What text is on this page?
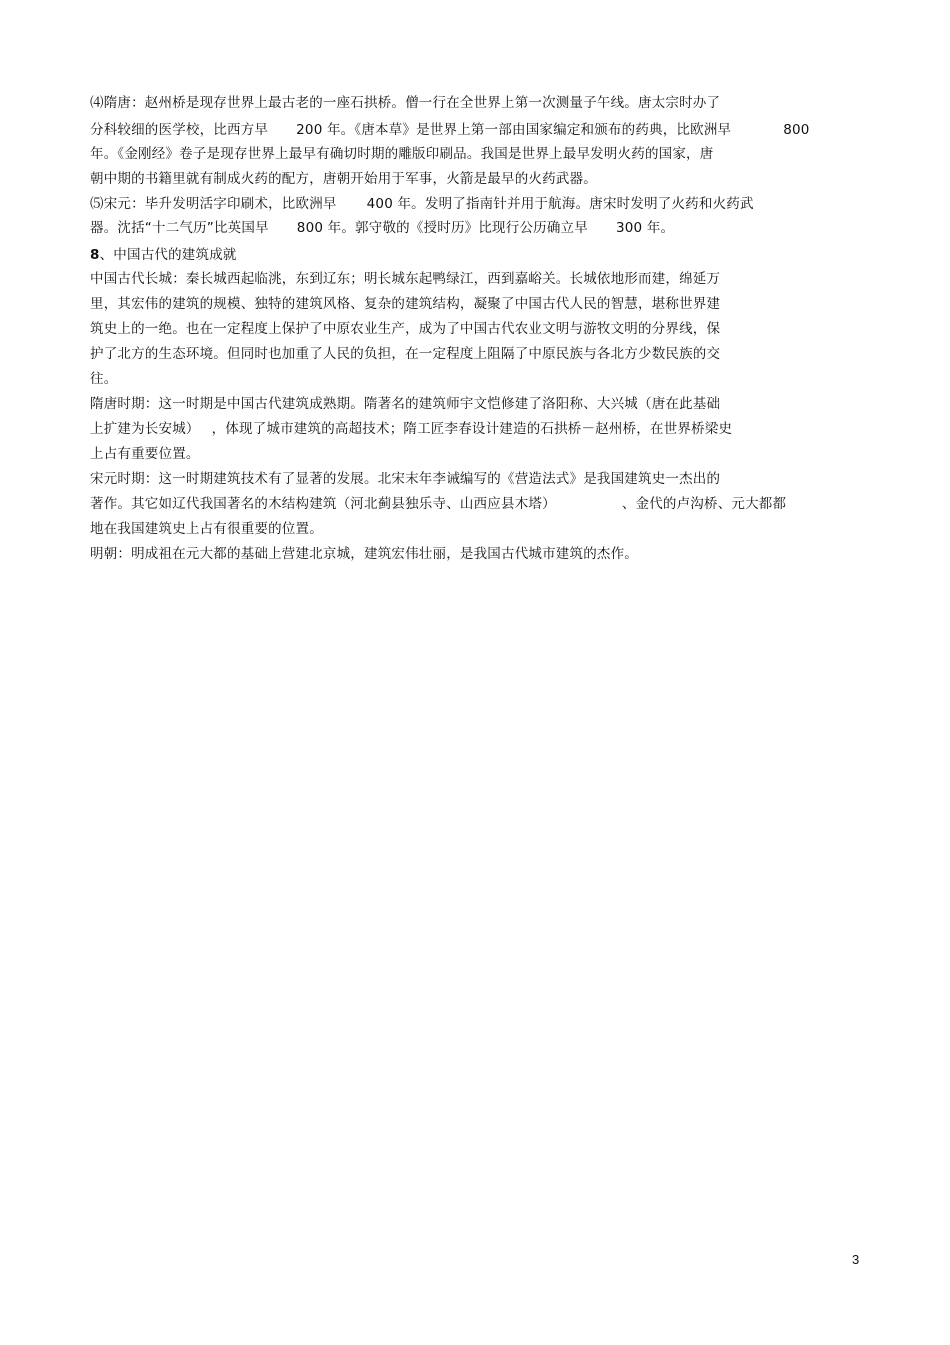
⑷隋唐：赵州桥是现存世界上最古老的一座石拱桥。僧一行在全世界上第一次测量子午线。唐太宗时办了
分科较细的医学校，比西方早 200 年。《唐本草》是世界上第一部由国家编定和颁布的药典，比欧洲早	800
年。《金刚经》卷子是现存世界上最早有确切时期的雕版印刷品。我国是世界上最早发明火药的国家，唐
朝中期的书籍里就有制成火药的配方，唐朝开始用于军事，火箭是最早的火药武器。
⑸宋元：毕升发明活字印刷术，比欧洲早 400 年。发明了指南针并用于航海。唐宋时发明了火药和火药武
器。沈括“十二气历”比英国早 800 年。郭守敬的《授时历》比现行公历确立早 300 年。
8、中国古代的建筑成就
中国古代长城：秦长城西起临洮，东到辽东；明长城东起鸭绿江，西到嘉峪关。长城依地形而建，绵延万
里，其宏伟的建筑的规模、独特的建筑风格、复杂的建筑结构，凝聚了中国古代人民的智慧，堪称世界建
筑史上的一绝。也在一定程度上保护了中原农业生产，成为了中国古代农业文明与游牧文明的分界线，保
护了北方的生态环境。但同时也加重了人民的负担，在一定程度上阻隔了中原民族与各北方少数民族的交
往。
隋唐时期：这一时期是中国古代建筑成熟期。隋著名的建筑师宇文恺修建了洛阳称、大兴城（唐在此基础
上扩建为长安城） ，体现了城市建筑的高超技术；隋工匠李春设计建造的石拱桥－赵州桥，在世界桥梁史
上占有重要位置。
宋元时期：这一时期建筑技术有了显著的发展。北宋末年李诫编写的《营造法式》是我国建筑史一杰出的
著作。其它如辽代我国著名的木结构建筑（河北蓟县独乐寺、山西应县木塔）	、金代的卢沟桥、元大都都
地在我国建筑史上占有很重要的位置。
明朝：明成祖在元大都的基础上营建北京城，建筑宏伟壮丽，是我国古代城市建筑的杰作。
3
